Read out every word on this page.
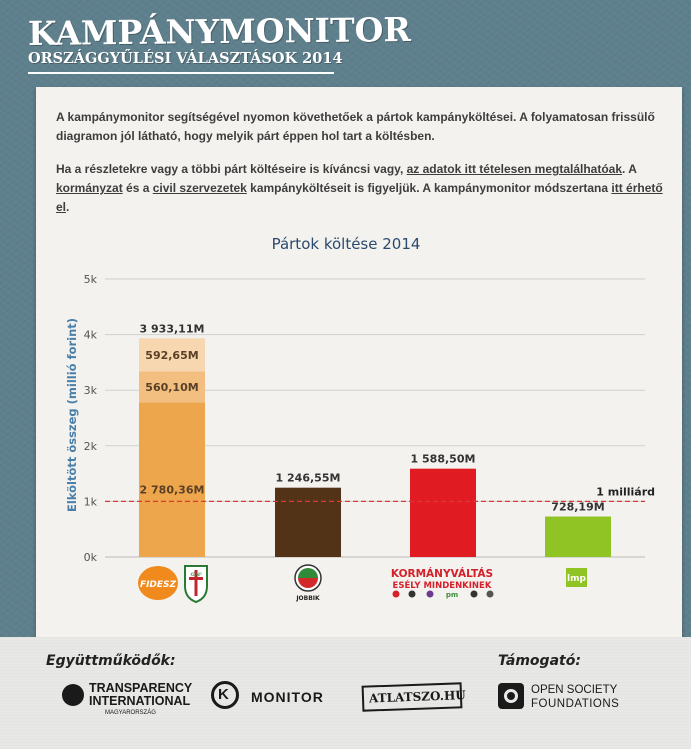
KAMPÁNYMONITOR
ORSZÁGGYŰLÉSI VÁLASZTÁSOK 2014

A kampánymonitor segítségével nyomon követhetőek a pártok kampányköltései. A folyamatosan frissülő diagramon jól látható, hogy melyik párt éppen hol tart a költésben.

Ha a részletekre vagy a többi párt költéseire is kíváncsi vagy, az adatok itt tételesen megtalálhatóak. A kormányzat és a civil szervezetek kampányköltéseit is figyeljük. A kampánymonitor módszertana itt érhető el.

Pártok költése 2014
Elköltött összeg (millió forint)
0k
1k
2k
3k
4k
5k
2 780,36M
560,10M
592,65M
3 933,11M
1 246,55M
1 588,50M
728,19M
1 milliárd
FIDESZ
KDNP
JOBBIK
KORMÁNYVÁLTÁS
ESÉLY MINDENKINEK
pm
lmp
Együttműködők:	Támogató:
TRANSPARENCY
INTERNATIONAL
MAGYARORSZÁG
K MONITOR	ATLATSZO.HU	OPEN SOCIETY
FOUNDATIONS
